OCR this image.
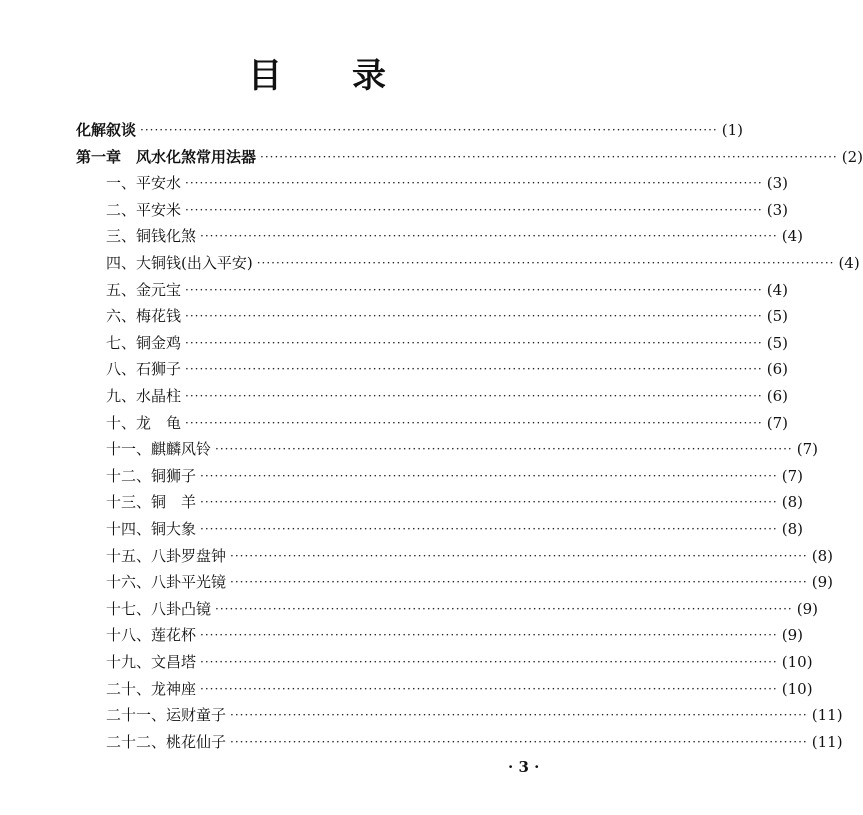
目 录
化解叙谈 ························································································································ (1)
第一章　风水化煞常用法器 ························································································································ (2)
一、平安水 ························································································································ (3)
二、平安米 ························································································································ (3)
三、铜钱化煞 ························································································································ (4)
四、大铜钱(出入平安) ························································································································ (4)
五、金元宝 ························································································································ (4)
六、梅花钱 ························································································································ (5)
七、铜金鸡 ························································································································ (5)
八、石狮子 ························································································································ (6)
九、水晶柱 ························································································································ (6)
十、龙　龟 ························································································································ (7)
十一、麒麟风铃 ························································································································ (7)
十二、铜狮子 ························································································································ (7)
十三、铜　羊 ························································································································ (8)
十四、铜大象 ························································································································ (8)
十五、八卦罗盘钟 ························································································································ (8)
十六、八卦平光镜 ························································································································ (9)
十七、八卦凸镜 ························································································································ (9)
十八、莲花杯 ························································································································ (9)
十九、文昌塔 ························································································································ (10)
二十、龙神座 ························································································································ (10)
二十一、运财童子 ························································································································ (11)
二十二、桃花仙子 ························································································································ (11)
· 3 ·
